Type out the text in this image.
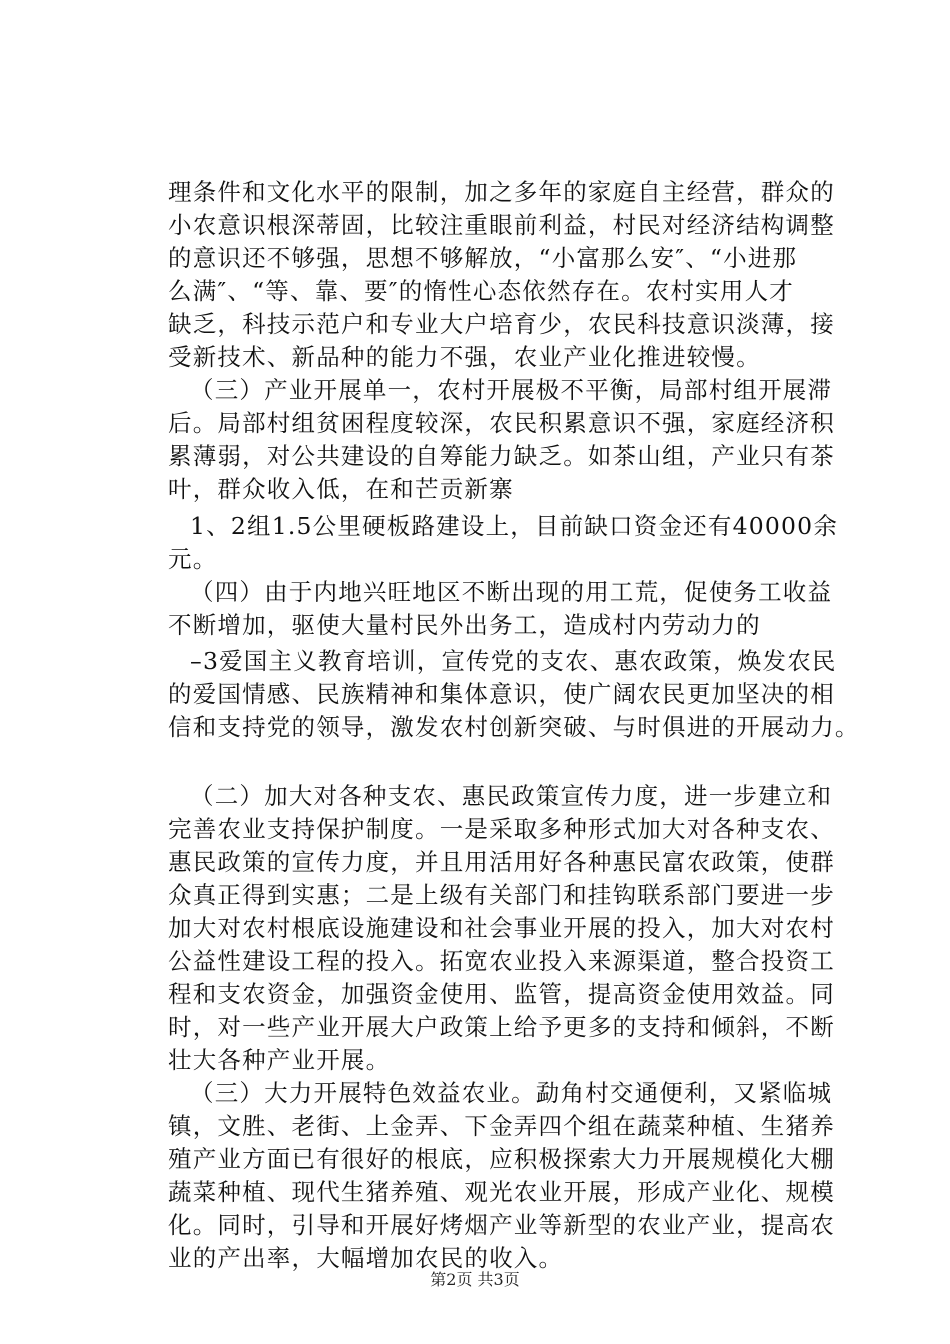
理条件和文化水平的限制，加之多年的家庭自主经营，群众的
小农意识根深蒂固，比较注重眼前利益，村民对经济结构调整
的意识还不够强，思想不够解放，“小富那么安″、“小进那
么满″、“等、靠、要″的惰性心态依然存在。农村实用人才
缺乏，科技示范户和专业大户培育少，农民科技意识淡薄，接
受新技术、新品种的能力不强，农业产业化推进较慢。
（三）产业开展单一，农村开展极不平衡，局部村组开展滞
后。局部村组贫困程度较深，农民积累意识不强，家庭经济积
累薄弱，对公共建设的自筹能力缺乏。如茶山组，产业只有茶
叶，群众收入低，在和芒贡新寨
1、2组1.5公里硬板路建设上，目前缺口资金还有40000余
元。
（四）由于内地兴旺地区不断出现的用工荒，促使务工收益
不断增加，驱使大量村民外出务工，造成村内劳动力的
–3爱国主义教育培训，宣传党的支农、惠农政策，焕发农民
的爱国情感、民族精神和集体意识，使广阔农民更加坚决的相
信和支持党的领导，激发农村创新突破、与时俱进的开展动力。
（二）加大对各种支农、惠民政策宣传力度，进一步建立和
完善农业支持保护制度。一是采取多种形式加大对各种支农、
惠民政策的宣传力度，并且用活用好各种惠民富农政策，使群
众真正得到实惠；二是上级有关部门和挂钩联系部门要进一步
加大对农村根底设施建设和社会事业开展的投入，加大对农村
公益性建设工程的投入。拓宽农业投入来源渠道，整合投资工
程和支农资金，加强资金使用、监管，提高资金使用效益。同
时，对一些产业开展大户政策上给予更多的支持和倾斜，不断
壮大各种产业开展。
（三）大力开展特色效益农业。勐角村交通便利，又紧临城
镇，文胜、老街、上金弄、下金弄四个组在蔬菜种植、生猪养
殖产业方面已有很好的根底，应积极探索大力开展规模化大棚
蔬菜种植、现代生猪养殖、观光农业开展，形成产业化、规模
化。同时，引导和开展好烤烟产业等新型的农业产业，提高农
业的产出率，大幅增加农民的收入。
第2页 共3页
